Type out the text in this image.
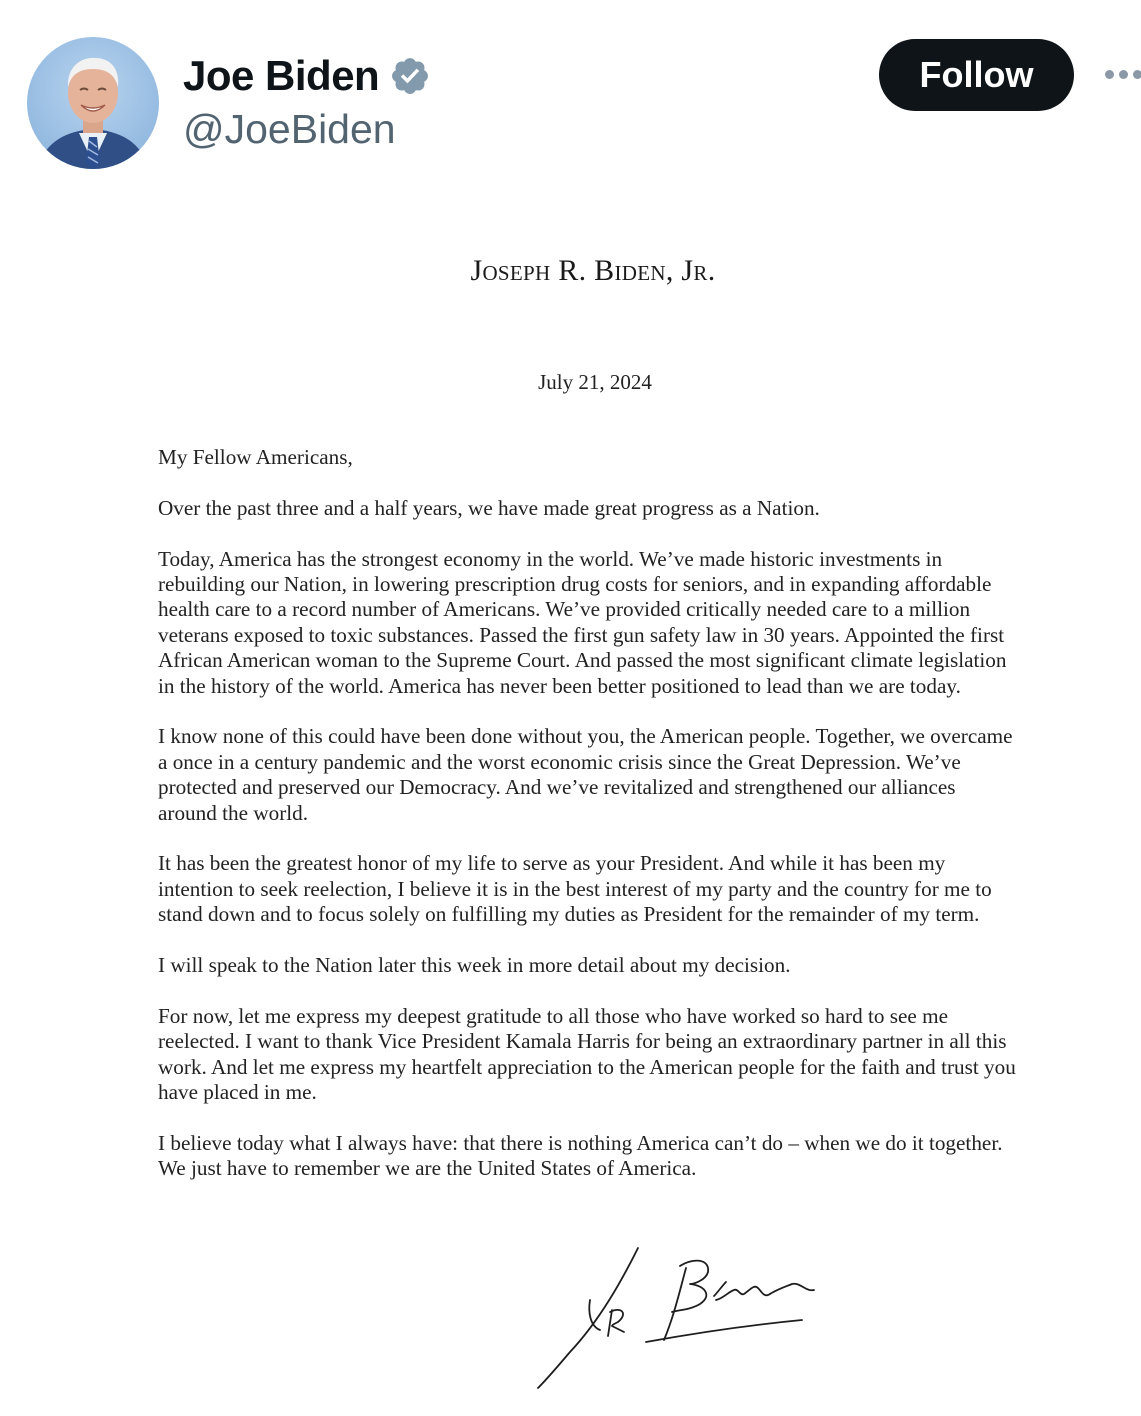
Joe Biden
@JoeBiden
Follow
Joseph R. Biden, Jr.
July 21, 2024

My Fellow Americans,

Over the past three and a half years, we have made great progress as a Nation.

Today, America has the strongest economy in the world. We’ve made historic investments in rebuilding our Nation, in lowering prescription drug costs for seniors, and in expanding affordable health care to a record number of Americans. We’ve provided critically needed care to a million veterans exposed to toxic substances. Passed the first gun safety law in 30 years. Appointed the first African American woman to the Supreme Court. And passed the most significant climate legislation in the history of the world. America has never been better positioned to lead than we are today.

I know none of this could have been done without you, the American people. Together, we overcame a once in a century pandemic and the worst economic crisis since the Great Depression. We’ve protected and preserved our Democracy. And we’ve revitalized and strengthened our alliances around the world.

It has been the greatest honor of my life to serve as your President. And while it has been my intention to seek reelection, I believe it is in the best interest of my party and the country for me to stand down and to focus solely on fulfilling my duties as President for the remainder of my term.

I will speak to the Nation later this week in more detail about my decision.

For now, let me express my deepest gratitude to all those who have worked so hard to see me reelected. I want to thank Vice President Kamala Harris for being an extraordinary partner in all this work. And let me express my heartfelt appreciation to the American people for the faith and trust you have placed in me.

I believe today what I always have: that there is nothing America can’t do – when we do it together. We just have to remember we are the United States of America.
